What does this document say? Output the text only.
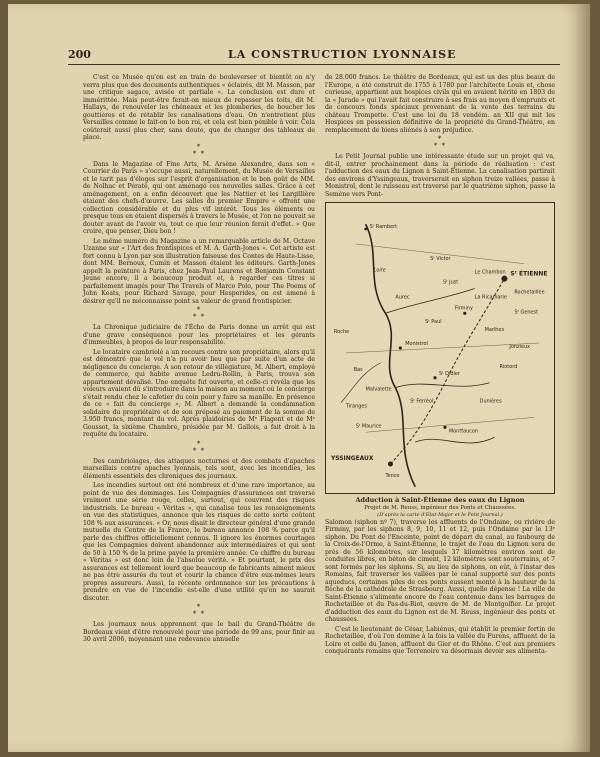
200	LA CONSTRUCTION LYONNAISE

C'est ce Musée qu'on est en train de bouleverser et bientôt on n'y verra plus que des documents authentiques « éclairés, dit M. Masson, par une critique sagace, avisée et partiale ». La conclusion est dure et immérittée. Mais peut-être ferait-on mieux de repasser les toits, dit M. Hallays, de renouveler les chéneaux et les plomberies, de boucher les gouttières et de rétablir les canalisations d'eau. On n'entretient plus Versailles comme le fait-on le bon roi, et cela est bien pénible à voir. Cela coûterait aussi plus cher, sans doute, que de changer des tableaux de place.

*
* *

Dans le Magazine of Fine Arts, M. Arsène Alexandre, dans son « Courrier de Paris » s'occupe aussi, naturellement, du Musée de Versailles et le tarit pas d'éloges sur l'esprit d'organisation et le bon goût de MM. de Nolhac et Pératé, qui ont aménagé ces nouvelles salles. Grâce à cet aménagement, on a enfin découvert que les Nattier et les Largillière étaient des chefs-d'œuvre. Les salles du premier Empire « offrent une collection considérable et du plus vif intérêt. Tous les éléments ou presque tous en étaient dispersés à travers le Musée, et l'on ne pouvait se douter avant de l'avoir vu, tout ce que leur réunion ferait d'effet. » Que croire, que penser, Dieu bon !

Le même numéro du Magazine a un remarquable article de M. Octave Uzanne sur « l'Art des frontispices et M. A. Garth-Jones ». Cet artiste est fort connu à Lyon par son illustration faiseuse des Contes de Haute-Lisse, dont MM. Bernoux, Cumin et Masson étaient les éditeurs. Garth-Jones appelt la peinture à Paris, chez Jean-Paul Laurens et Benjamin Constant Jeune encore, il a beaucoup produit et, à regarder ces titres si parfaitement imagés pour The Travels of Marco Polo, pour The Poems of John Keats, pour Richard Savage, pour Hesperides, on est amené à désirer qu'il ne méconnaisse point sa valeur de grand frontispicier.

*
* *

La Chronique judiciaire de l'Écho de Paris donne un arrêt qui est d'une grave conséquence pour les propriétaires et les gérants d'immeubles, à propos de leur responsabilité.

Le locataire cambriolé a un recours contre son propriétaire, alors qu'il est démontré que le vol n'a pu avoir lieu que par suite d'un acte de négligence du concierge. A son retour de villégiature, M. Albert, employé de commerce, qui habite avenue Ledru-Rollin, à Paris, trouva son appartement dévalisé. Une enquête fut ouverte, et celle-ci révéla que les voleurs avaient dû s'introduire dans la maison au moment où le concierge s'était rendu chez le cafetier du coin pour y faire sa manille. En présence de ce « fait du concierge », M. Albert a demandé la condamnation solidaire du propriétaire et de son préposé au paiement de la somme de 3.950 francs, montant du vol. Après plaidoiries de Mᵉ Flagent et de Mᵉ Goussot, la sixième Chambre, présidée par M. Gallois, a fait droit à la requête du locataire.

*
* *

Des cambriolages, des attaques nocturnes et des combats d'apaches marseillais contre apaches lyonnais, tels sont, avec les incendies, les éléments essentiels des chroniques des journaux.

Les incendies surtout ont été nombreux et d'une rare importance, au point de vue des dommages. Les Compagnies d'assurances ont traversé vraiment une série rouge, celles, surtout, qui couvrent des risques industriels. Le bureau « Véritas », qui canalise tous les renseignements en vue des statistiques, annonce que les risques de cette sorte coûtent 108 % aux assurances. « Or, nous disait le directeur général d'une grande mutuelle du Centre de la France, le bureau annonce 108 % parce qu'il parle des chiffres officiellement connus. Il ignore les énormes courtages que les Compagnies doivent abandonner aux intermédiaires et qui sont de 50 à 150 % de la prime payée la première année. Ce chiffre du bureau « Véritas » est donc loin de l'absolue vérité. » Et pourtant, le prix des assurances est tellement lourd que beaucoup de fabricants aiment mieux ne pas être assurés du tout et courir la chance d'être eux-mêmes leurs propres assureurs. Aussi, la récente ordonnance sur les précautions à prendre en vue de l'incendie est-elle d'une utilité qu'on ne saurait discuter.

*
* *

Les journaux nous apprennent que le bail du Grand-Théâtre de Bordeaux vient d'être renouvelé pour une période de 99 ans, pour finir au 30 avril 2006, moyennant une redevance annuelle

de 28.000 francs. Le théâtre de Bordeaux, qui est un des plus beaux de l'Europe, a été construit de 1755 à 1780 par l'architecte Louis et, chose curieuse, appartient aux hospices civils qui en avaient hérité en 1803 de la « Jurade » qui l'avait fait construire à ses frais au moyen d'emprunts et de concours fonds spéciaux provenant de la vente des terrains du château Trompette. C'est une loi du 18 vendém. an XII qui mit les Hospices en possession définitive de la propriété du Grand-Théâtre, en remplacement de biens aliénés à son préjudice.

*
* *

Le Petit Journal publie une intéressante étude sur un projet qui va, dit-il, entrer prochainement dans la période de réalisation : c'est l'adduction des eaux du Lignon à Saint-Étienne. La canalisation partirait des environs d'Yssingeaux, traverserait en siphon treize vallées, passe à Monistrol, dont le ruisseau est traversé par le quatrième siphon, passe la Semène vers Pont-

Sᵗ Rambert
Sᵗ ÉTIENNE
Firminy
Monistrol
Bas
Aurec
Tence
YSSINGEAUX
Montfaucon
Sᵗ Didier
Dunières
Sᵗ Just
Riotord
Sᵗ Victor
Marlhes
Jonzieux
Sᵗ Genest
Tiranges
Malvalette
Sᵗ Ferréol
Sᵗ Maurice
Rochetaillée
La Ricamarie
Le Chambon
Roche
Sᵗ Paul
Loire
Adduction à Saint-Étienne des eaux du Lignon
Projet de M. Reuss, ingénieur des Ponts et Chaussées.
(D'après la carte d'État-Major et le Petit Journal.)

Salomon (siphon nº 7), traverse les affluents de l'Ondaine, ou rivière de Firminy, par les siphons 8, 9, 10, 11 et 12, puis l'Ondaine par le 13ᵉ siphon. Du Pont de l'Enceinte, point de départ du canal, au faubourg de la Croix-de-l'Orme, à Saint-Étienne, le trajet de l'eau du Lignon sera de près de 56 kilomètres, sur lesquels 37 kilomètres environ sont de conduites libres, en béton de ciment, 12 kilomètres sont souterrains, et 7 sont formés par les siphons. Si, au lieu de siphons, on eût, à l'instar des Romains, fait traverser les vallées par le canal supporté sur des ponts aqueducs, certaines piles de ces ponts eussent monté à la hauteur de la flèche de la cathédrale de Strasbourg. Aussi, quelle dépense ! La ville de Saint-Étienne s'alimente encore de l'eau contenue dans les barrages de Rochetaillée et du Pas-du-Riot, œuvre de M. de Montgolfier. Le projet d'adduction des eaux du Lignon est de M. Reuss, ingénieur des ponts et chaussées.

C'est le lieutenant de César, Labiénus, qui établit le premier fortin de Rochetaillée, d'où l'on domine à la fois la vallée du Furens, affluent de la Loire et celle du Janon, affluent du Gier et du Rhône. C'est aux premiers conquérants romains que Terrenoire va désormais devoir ses alimenta-
